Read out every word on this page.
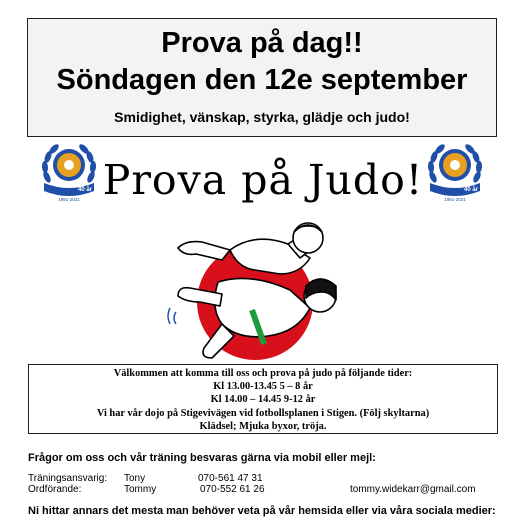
Prova på dag!!
Söndagen den 12e september
Smidighet, vänskap, styrka, glädje och judo!
40 år
1981-2021
40 år
1981-2021
Prova på Judo!
Välkommen att komma till oss och prova på judo på följande tider:
Kl 13.00-13.45 5 – 8 år
Kl 14.00 – 14.45 9-12 år
Vi har vår dojo på Stigevivägen vid fotbollsplanen i Stigen. (Följ skyltarna)
Klädsel; Mjuka byxor, tröja.
Frågor om oss och vår träning besvaras gärna via mobil eller mejl:
Träningsansvarig: Tony	070-561 47 31
Ordförande:	Tommy	070-552 61 26	tommy.widekarr@gmail.com
Ni hittar annars det mesta man behöver veta på vår hemsida eller via våra sociala medier:
